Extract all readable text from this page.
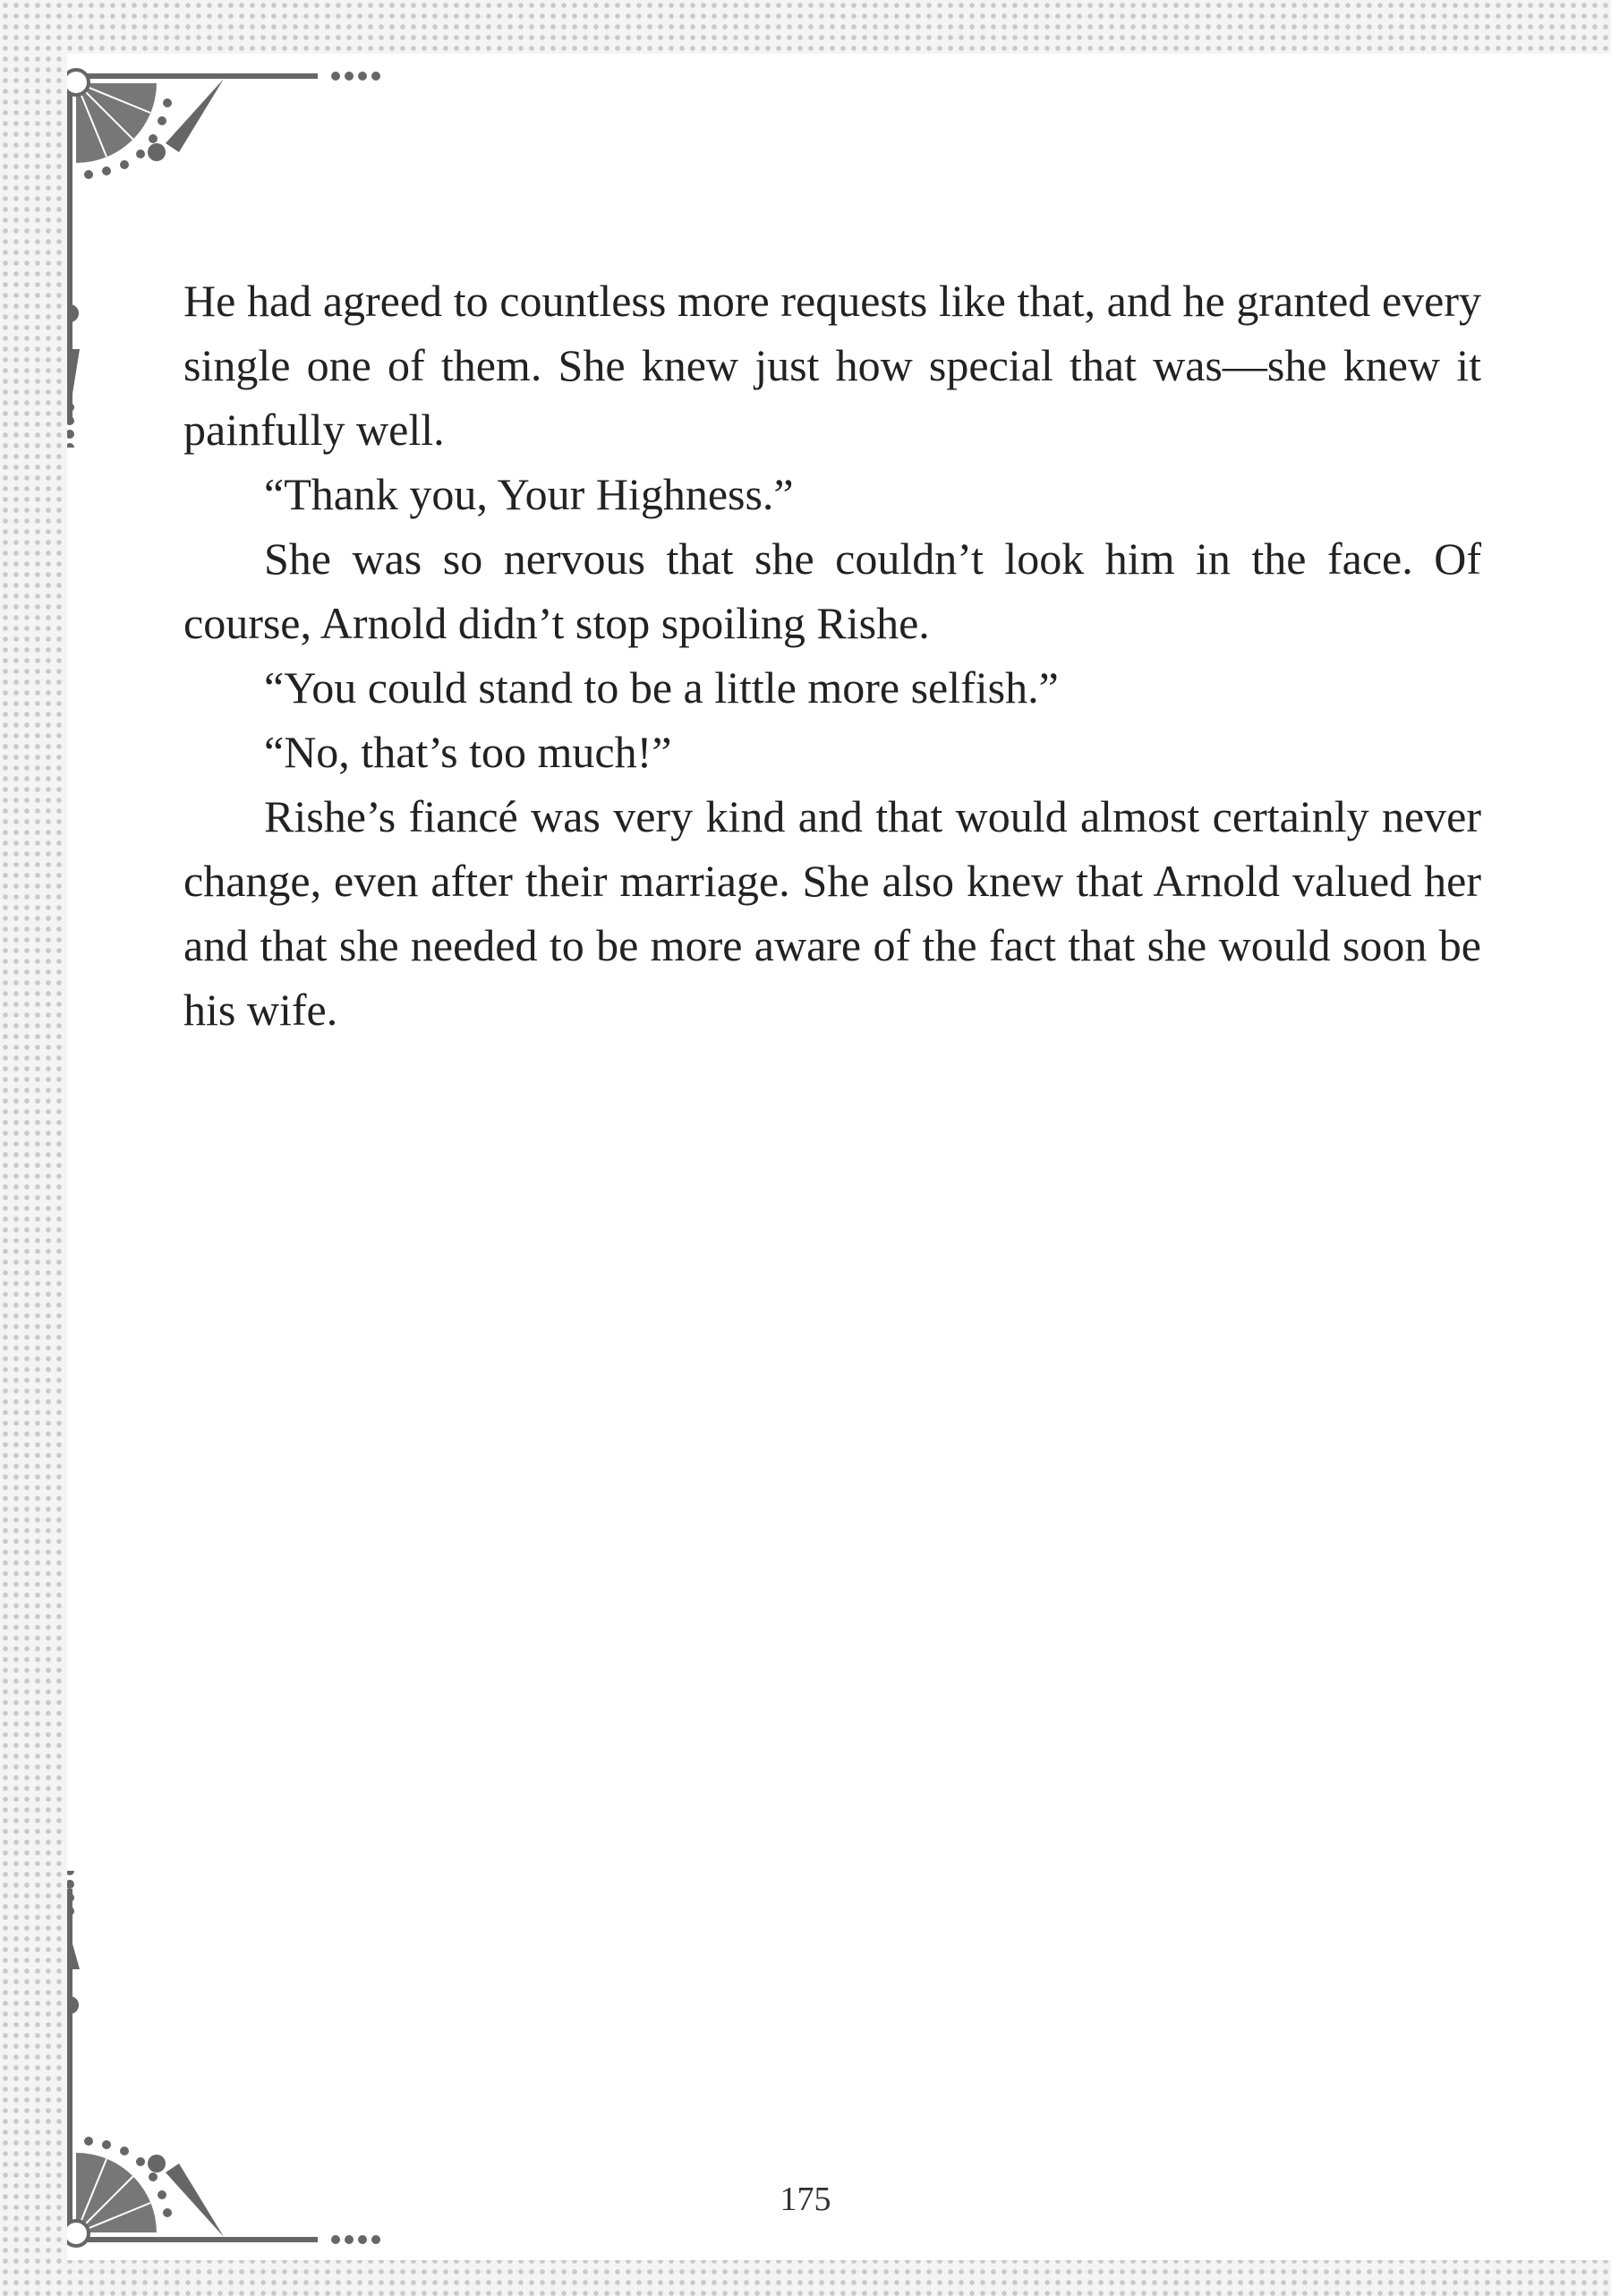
He had agreed to countless more requests like that, and he granted every single one of them. She knew just how special that was—she knew it painfully well.

“Thank you, Your Highness.”

She was so nervous that she couldn’t look him in the face. Of course, Arnold didn’t stop spoiling Rishe.

“You could stand to be a little more selfish.”

“No, that’s too much!”

Rishe’s fiancé was very kind and that would almost certainly never change, even after their marriage. She also knew that Arnold valued her and that she needed to be more aware of the fact that she would soon be his wife.

175
